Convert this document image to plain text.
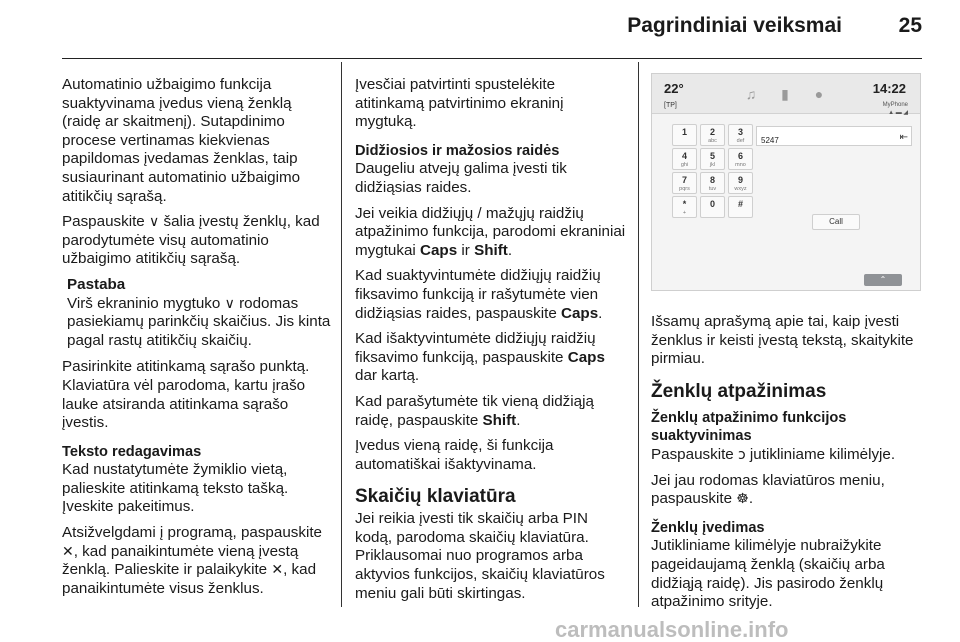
Pagrindiniai veiksmai	25
Automatinio užbaigimo funkcija suaktyvinama įvedus vieną ženklą (raidę ar skaitmenį). Sutapdinimo procese vertinamas kiekvienas papildomas įvedamas ženklas, taip susiaurinant automatinio užbaigimo atitikčių sąrašą.
Paspauskite ∨ šalia įvestų ženklų, kad parodytumėte visų automatinio užbaigimo atitikčių sąrašą.
Pastaba
Virš ekraninio mygtuko ∨ rodomas pasiekiamų parinkčių skaičius. Jis kinta pagal rastų atitikčių skaičių.
Pasirinkite atitinkamą sąrašo punktą. Klaviatūra vėl parodoma, kartu įrašo lauke atsiranda atitinkama sąrašo įvestis.
Teksto redagavimas
Kad nustatytumėte žymiklio vietą, palieskite atitinkamą teksto tašką. Įveskite pakeitimus.
Atsižvelgdami į programą, paspauskite ✕, kad panaikintumėte vieną įvestą ženklą. Palieskite ir palaikykite ✕, kad panaikintumėte visus ženklus.
Įvesčiai patvirtinti spustelėkite atitinkamą patvirtinimo ekraninį mygtuką.
Didžiosios ir mažosios raidės
Daugeliu atvejų galima įvesti tik didžiąsias raides.
Jei veikia didžiųjų / mažųjų raidžių atpažinimo funkcija, parodomi ekraniniai mygtukai Caps ir Shift.
Kad suaktyvintumėte didžiųjų raidžių fiksavimo funkciją ir rašytumėte vien didžiąsias raides, paspauskite Caps.
Kad išaktyvintumėte didžiųjų raidžių fiksavimo funkciją, paspauskite Caps dar kartą.
Kad parašytumėte tik vieną didžiąją raidę, paspauskite Shift.
Įvedus vieną raidę, ši funkcija automatiškai išaktyvinama.
Skaičių klaviatūra
Jei reikia įvesti tik skaičių arba PIN kodą, parodoma skaičių klaviatūra. Priklausomai nuo programos arba aktyvios funkcijos, skaičių klaviatūros meniu gali būti skirtingas.
22°
[TP]
♫	▮	●	14:22
MyPhone
▲ ▬ ◢
1	2
abc
3
def
4
ghi
5
jkl
6
mno
7
pqrs
8
tuv
9
wxyz
*
+
0	#
5247	⇤
Call
⌃
Išsamų aprašymą apie tai, kaip įvesti ženklus ir keisti įvestą tekstą, skaitykite pirmiau.
Ženklų atpažinimas
Ženklų atpažinimo funkcijos
suaktyvinimas
Paspauskite ↄ jutikliniame kilimėlyje.
Jei jau rodomas klaviatūros meniu, paspauskite ☸.
Ženklų įvedimas
Jutikliniame kilimėlyje nubraižykite pageidaujamą ženklą (skaičių arba didžiąją raidę). Jis pasirodo ženklų atpažinimo srityje.
carmanualsonline.info
